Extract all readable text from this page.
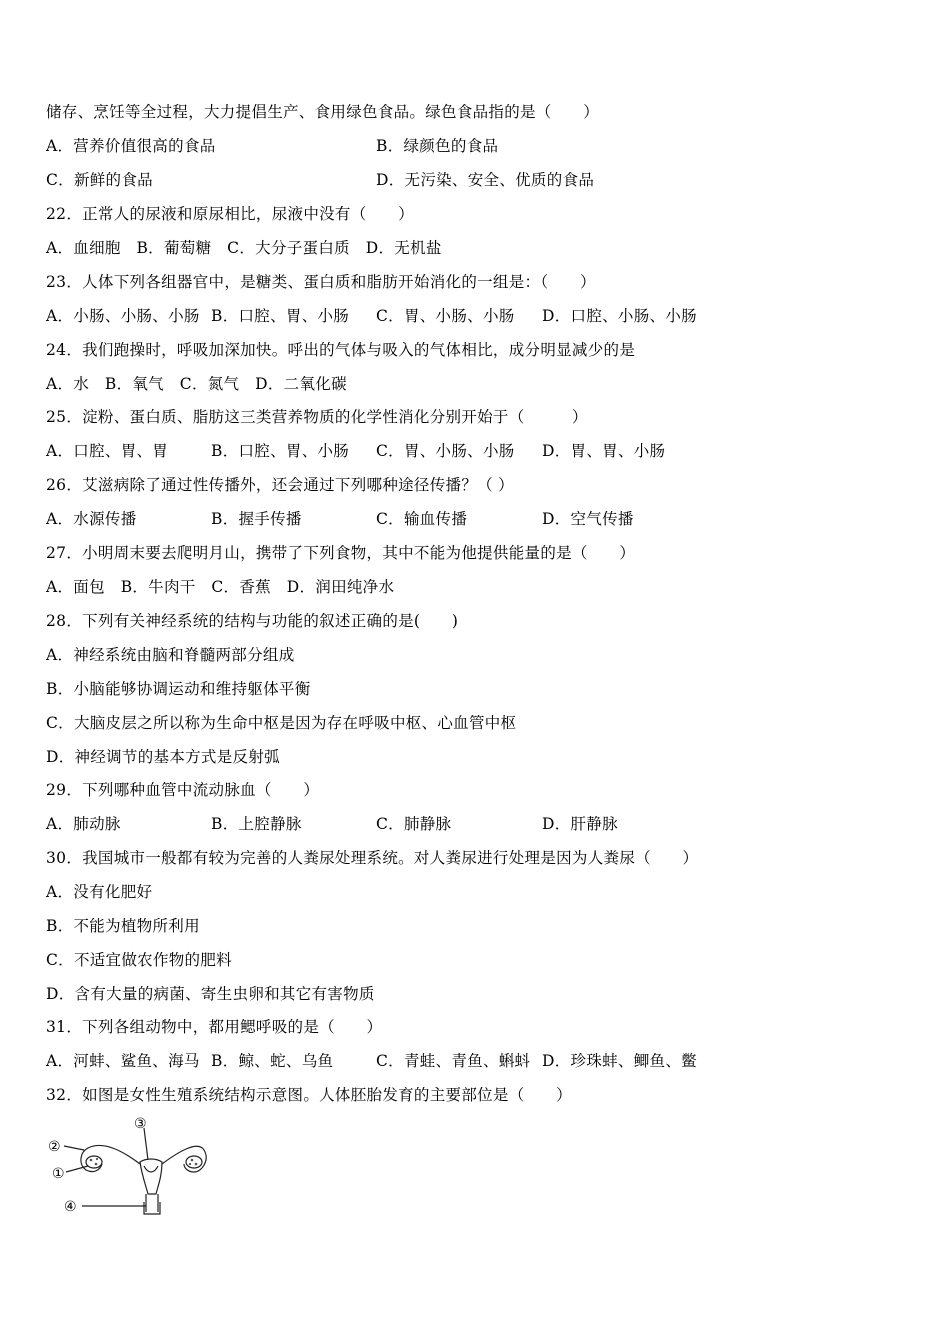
储存、烹饪等全过程，大力提倡生产、食用绿色食品。绿色食品指的是（　　）
A．营养价值很高的食品	B．绿颜色的食品
C．新鲜的食品	D．无污染、安全、优质的食品
22．正常人的尿液和原尿相比，尿液中没有（　　）
A．血细胞　B．葡萄糖　C．大分子蛋白质　D．无机盐
23．人体下列各组器官中，是糖类、蛋白质和脂肪开始消化的一组是：（　　）
A．小肠、小肠、小肠 B．口腔、胃、小肠 C．胃、小肠、小肠 D．口腔、小肠、小肠
24．我们跑操时，呼吸加深加快。呼出的气体与吸入的气体相比，成分明显减少的是
A．水　B．氧气　C．氮气　D．二氧化碳
25．淀粉、蛋白质、脂肪这三类营养物质的化学性消化分别开始于（　　　）
A．口腔、胃、胃	B．口腔、胃、小肠 C．胃、小肠、小肠 D．胃、胃、小肠
26．艾滋病除了通过性传播外，还会通过下列哪种途径传播？（ ）
A．水源传播	B．握手传播	C．输血传播	D．空气传播
27．小明周末要去爬明月山，携带了下列食物，其中不能为他提供能量的是（　　）
A．面包　B．牛肉干　C．香蕉　D．润田纯净水
28．下列有关神经系统的结构与功能的叙述正确的是(　　)
A．神经系统由脑和脊髓两部分组成
B．小脑能够协调运动和维持躯体平衡
C．大脑皮层之所以称为生命中枢是因为存在呼吸中枢、心血管中枢
D．神经调节的基本方式是反射弧
29．下列哪种血管中流动脉血（　　）
A．肺动脉	B．上腔静脉	C．肺静脉	D．肝静脉
30．我国城市一般都有较为完善的人粪尿处理系统。对人粪尿进行处理是因为人粪尿（　　）
A．没有化肥好
B．不能为植物所利用
C．不适宜做农作物的肥料
D．含有大量的病菌、寄生虫卵和其它有害物质
31．下列各组动物中，都用鳃呼吸的是（　　）
A．河蚌、鲨鱼、海马 B．鲸、蛇、乌鱼	C．青蛙、青鱼、蝌蚪 D．珍珠蚌、鲫鱼、鳖
32．如图是女性生殖系统结构示意图。人体胚胎发育的主要部位是（　　）
②
①
③
④
